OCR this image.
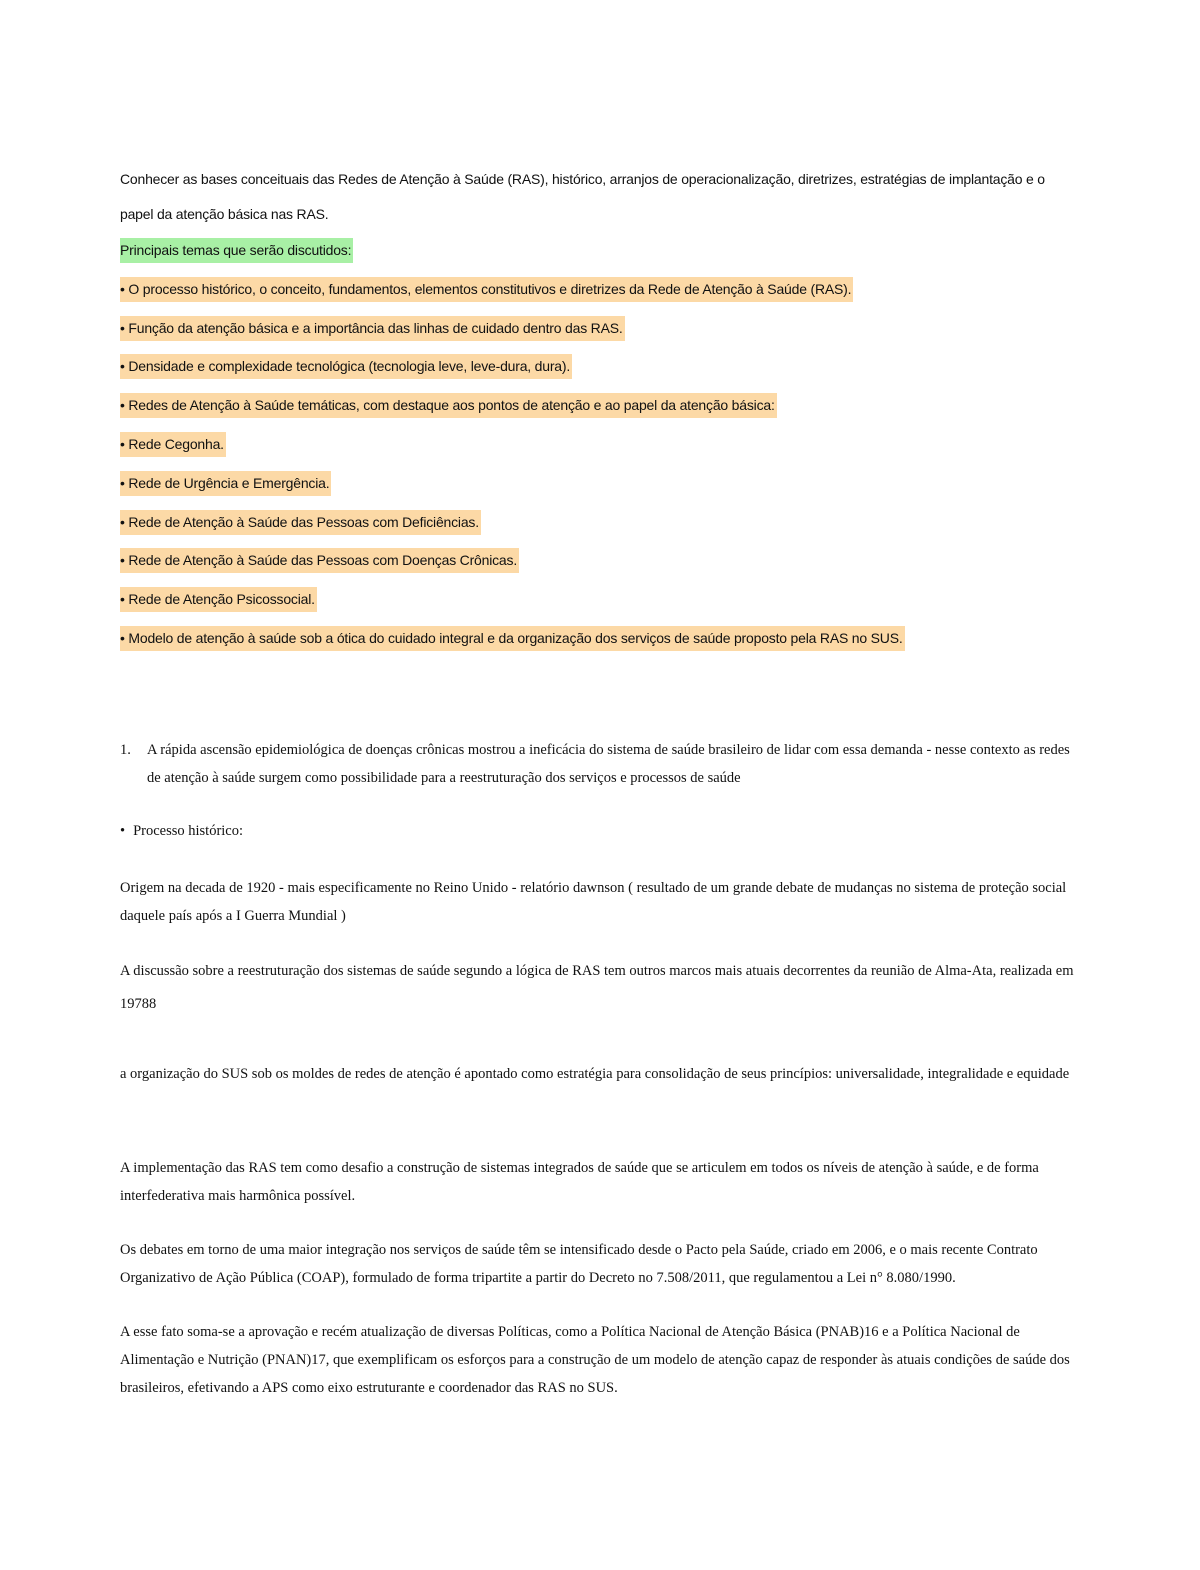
Conhecer as bases conceituais das Redes de Atenção à Saúde (RAS), histórico, arranjos de operacionalização, diretrizes, estratégias de implantação e o papel da atenção básica nas RAS.

Principais temas que serão discutidos:
• O processo histórico, o conceito, fundamentos, elementos constitutivos e diretrizes da Rede de Atenção à Saúde (RAS).
• Função da atenção básica e a importância das linhas de cuidado dentro das RAS.
• Densidade e complexidade tecnológica (tecnologia leve, leve-dura, dura).
• Redes de Atenção à Saúde temáticas, com destaque aos pontos de atenção e ao papel da atenção básica:
• Rede Cegonha.
• Rede de Urgência e Emergência.
• Rede de Atenção à Saúde das Pessoas com Deficiências.
• Rede de Atenção à Saúde das Pessoas com Doenças Crônicas.
• Rede de Atenção Psicossocial.
• Modelo de atenção à saúde sob a ótica do cuidado integral e da organização dos serviços de saúde proposto pela RAS no SUS.
1.	A rápida ascensão epidemiológica de doenças crônicas mostrou a ineficácia do sistema de saúde brasileiro de lidar com essa demanda - nesse contexto as redes de atenção à saúde surgem como possibilidade para a reestruturação dos serviços e processos de saúde
• Processo histórico:

Origem na decada de 1920 - mais especificamente no Reino Unido - relatório dawnson ( resultado de um grande debate de mudanças no sistema de proteção social daquele país após a I Guerra Mundial )

A discussão sobre a reestruturação dos sistemas de saúde segundo a lógica de RAS tem outros marcos mais atuais decorrentes da reunião de Alma-Ata, realizada em 19788

a organização do SUS sob os moldes de redes de atenção é apontado como estratégia para consolidação de seus princípios: universalidade, integralidade e equidade

A implementação das RAS tem como desafio a construção de sistemas integrados de saúde que se articulem em todos os níveis de atenção à saúde, e de forma interfederativa mais harmônica possível.

Os debates em torno de uma maior integração nos serviços de saúde têm se intensificado desde o Pacto pela Saúde, criado em 2006, e o mais recente Contrato Organizativo de Ação Pública (COAP), formulado de forma tripartite a partir do Decreto no 7.508/2011, que regulamentou a Lei n° 8.080/1990.

A esse fato soma-se a aprovação e recém atualização de diversas Políticas, como a Política Nacional de Atenção Básica (PNAB)16 e a Política Nacional de Alimentação e Nutrição (PNAN)17, que exemplificam os esforços para a construção de um modelo de atenção capaz de responder às atuais condições de saúde dos brasileiros, efetivando a APS como eixo estruturante e coordenador das RAS no SUS.
